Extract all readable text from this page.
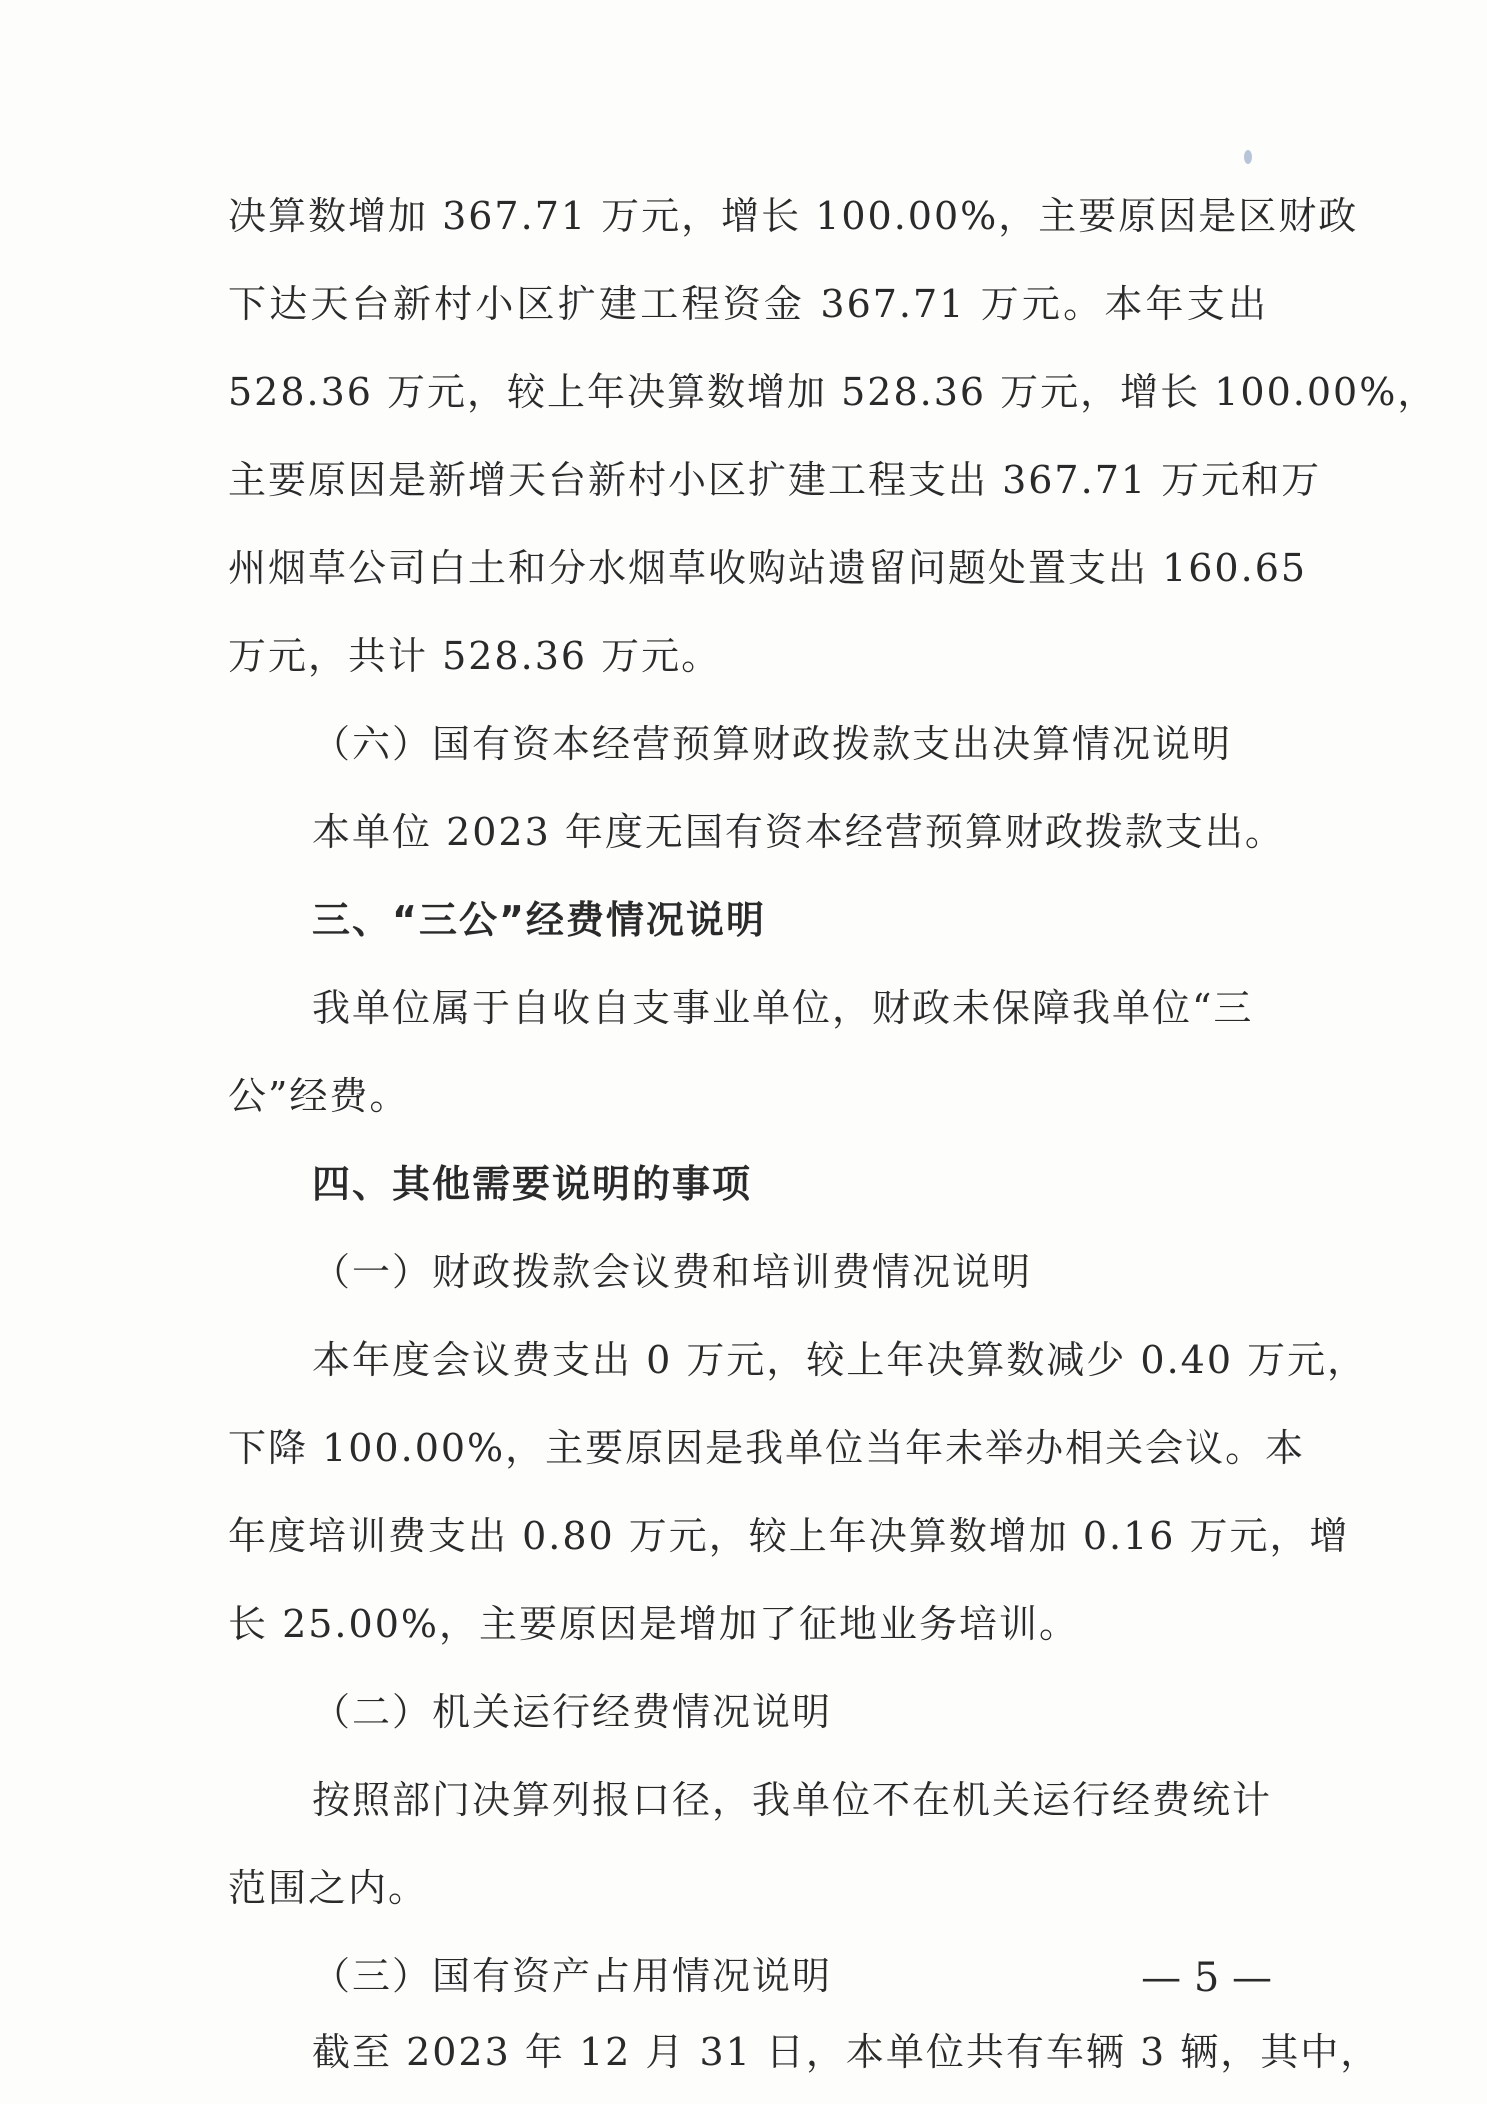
决算数增加 367.71 万元，增长 100.00%，主要原因是区财政
下达天台新村小区扩建工程资金 367.71 万元。本年支出
528.36 万元，较上年决算数增加 528.36 万元，增长 100.00%，
主要原因是新增天台新村小区扩建工程支出 367.71 万元和万
州烟草公司白土和分水烟草收购站遗留问题处置支出 160.65
万元，共计 528.36 万元。
（六）国有资本经营预算财政拨款支出决算情况说明
本单位 2023 年度无国有资本经营预算财政拨款支出。
三、“三公”经费情况说明
我单位属于自收自支事业单位，财政未保障我单位“三
公”经费。
四、其他需要说明的事项
（一）财政拨款会议费和培训费情况说明
本年度会议费支出 0 万元，较上年决算数减少 0.40 万元，
下降 100.00%，主要原因是我单位当年未举办相关会议。本
年度培训费支出 0.80 万元，较上年决算数增加 0.16 万元，增
长 25.00%，主要原因是增加了征地业务培训。
（二）机关运行经费情况说明
按照部门决算列报口径，我单位不在机关运行经费统计
范围之内。
（三）国有资产占用情况说明
截至 2023 年 12 月 31 日，本单位共有车辆 3 辆，其中，
— 5 —
